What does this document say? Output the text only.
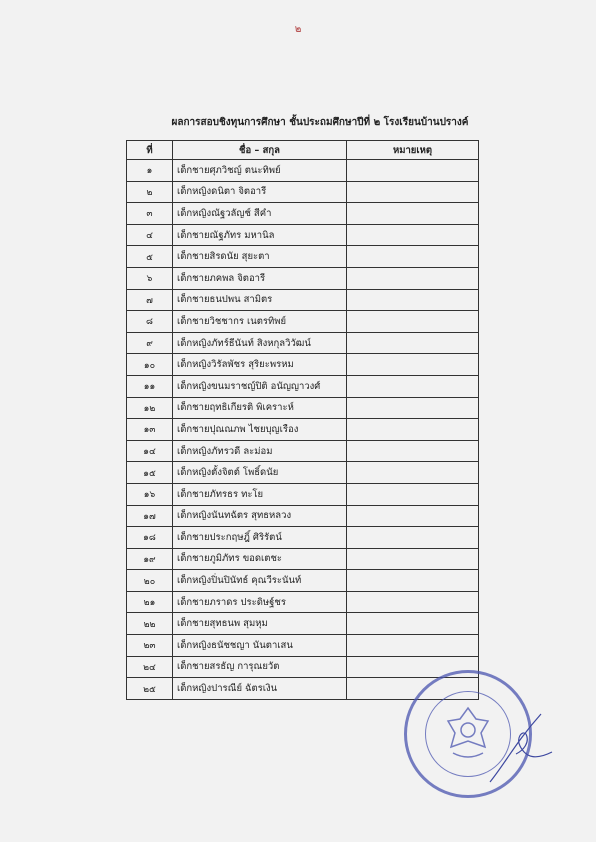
๒
ผลการสอบชิงทุนการศึกษา ชั้นประถมศึกษาปีที่ ๒ โรงเรียนบ้านปรางค์
ที่	ชื่อ – สกุล	หมายเหตุ
๑	เด็กชายศุภวิชญ์ ตนะทิพย์	
๒	เด็กหญิงดนิตา จิตอารี	
๓	เด็กหญิงณัฐวลัญช์ สีคำ	
๔	เด็กชายณัฐภัทร มหานิล	
๕	เด็กชายสิรดนัย สุยะตา	
๖	เด็กชายภคพล จิตอารี	
๗	เด็กชายธนปพน สามิตร	
๘	เด็กชายวิชชากร เนตรทิพย์	
๙	เด็กหญิงภัทร์ธีนันท์ สิงหกุลวิวัฒน์	
๑๐	เด็กหญิงวิรัลพัชร สุริยะพรหม	
๑๑	เด็กหญิงขนมราชญ์ปิติ อนัญญาวงศ์	
๑๒	เด็กชายฤทธิเกียรติ พิเคราะห์	
๑๓	เด็กชายปุณณภพ ไชยบุญเรือง	
๑๔	เด็กหญิงภัทรวดี ละม่อม	
๑๕	เด็กหญิงตั้งจิตต์ โพธิ์ดนัย	
๑๖	เด็กชายภัทรธร ทะโย	
๑๗	เด็กหญิงนันทฉัตร สุทธหลวง	
๑๘	เด็กชายประกฤษฎิ์ ศิริรัตน์	
๑๙	เด็กชายภูมิภัทร ขอดเตชะ	
๒๐	เด็กหญิงปิ่นปินัทธ์ คุณวีระนันท์	
๒๑	เด็กชายภราดร ประดิษฐ์ชร	
๒๒	เด็กชายสุทธนพ สุมหุม	
๒๓	เด็กหญิงธนัชชญา นันตาเสน	
๒๔	เด็กชายสรธัญ การุณยวัต	
๒๕	เด็กหญิงปารณีย์ ฉัตรเงิน	
